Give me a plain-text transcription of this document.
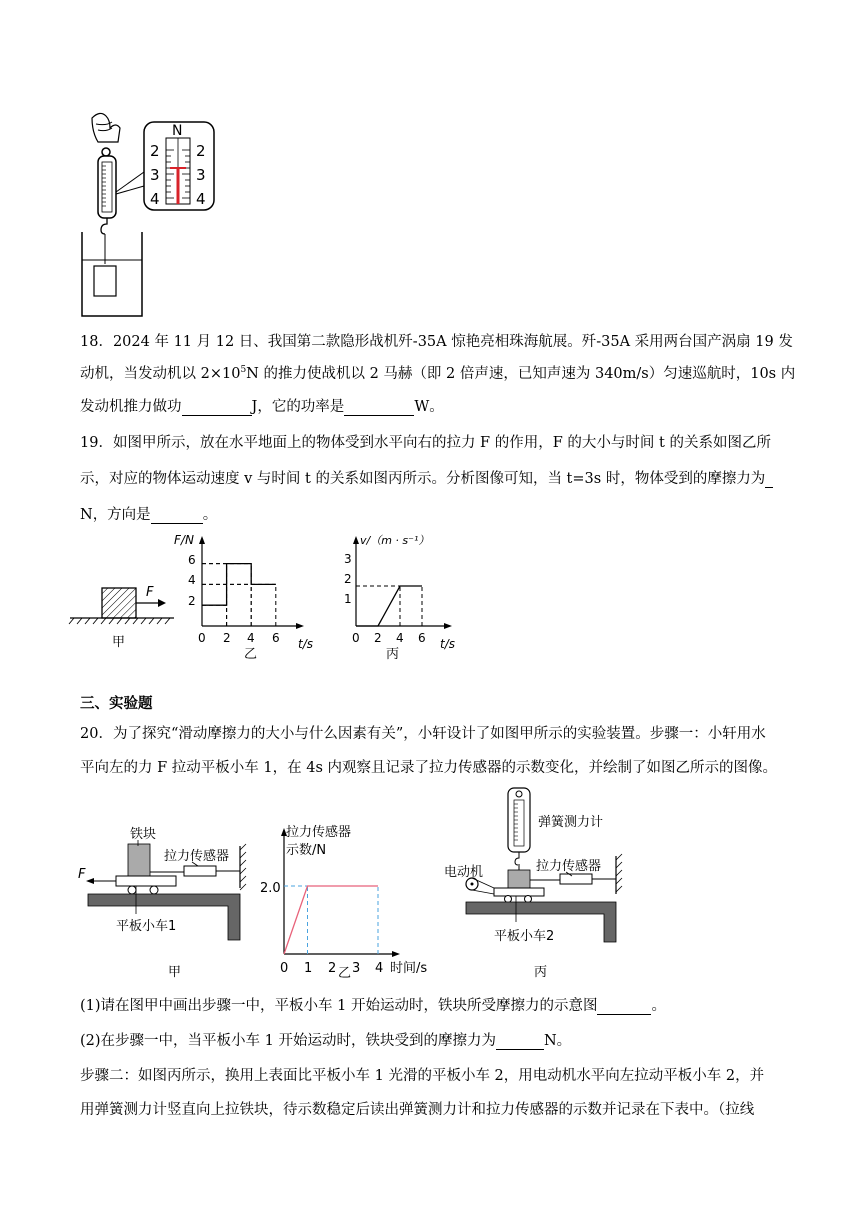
N
2
3
4
2
3
4
18．2024 年 11 月 12 日、我国第二款隐形战机歼-35A 惊艳亮相珠海航展。歼-35A 采用两台国产涡扇 19 发
动机，当发动机以 $2\times 10^5N$ 的推力使战机以 2 马赫（即 2 倍声速，已知声速为 340m/s）匀速巡航时，10s 内
发动机推力做功	J，它的功率是	W。
19．如图甲所示，放在水平地面上的物体受到水平向右的拉力 F 的作用，F 的大小与时间 t 的关系如图乙所
示，对应的物体运动速度 v 与时间 t 的关系如图丙所示。分析图像可知，当 t=3s 时，物体受到的摩擦力为
N，方向是	。
F
甲
F/N
t/s
6
4
2
0 2 4 6
乙
v/（m · s⁻¹）
t/s
3
2
1
0 2 4 6
丙
三、实验题
20．为了探究“滑动摩擦力的大小与什么因素有关”，小轩设计了如图甲所示的实验装置。步骤一：小轩用水
平向左的力 F 拉动平板小车 1，在 4s 内观察且记录了拉力传感器的示数变化，并绘制了如图乙所示的图像。
铁块
F
拉力传感器
平板小车1
甲
拉力传感器
示数/N
2.0
0 1 2 3 4 时间/s
乙
弹簧测力计
电动机	拉力传感器
平板小车2
丙
(1)请在图甲中画出步骤一中，平板小车 1 开始运动时，铁块所受摩擦力的示意图	。
(2)在步骤一中，当平板小车 1 开始运动时，铁块受到的摩擦力为	N。
步骤二：如图丙所示，换用上表面比平板小车 1 光滑的平板小车 2，用电动机水平向左拉动平板小车 2，并
用弹簧测力计竖直向上拉铁块，待示数稳定后读出弹簧测力计和拉力传感器的示数并记录在下表中。（拉线
